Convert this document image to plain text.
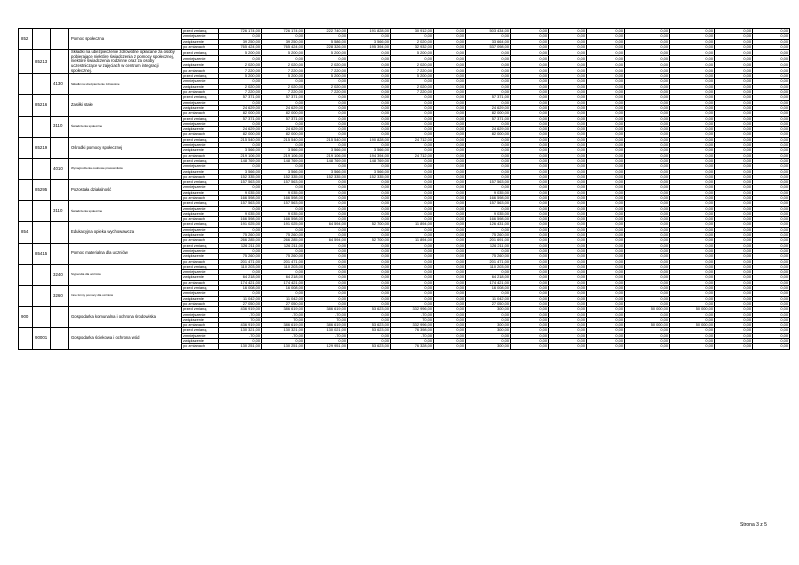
852			Pomoc społeczna	przed zmianą	726 174,00	726 174,00	222 740,00	191 828,00	30 912,00	0,00	503 434,00	0,00	0,00	0,00	0,00	0,00	0,00	0,00
				zmniejszenie	0,00	0,00	0,00	0,00	0,00	0,00	0,00	0,00	0,00	0,00	0,00	0,00	0,00	0,00
				zwiększenie	39 250,00	39 250,00	5 586,00	3 566,00	2 020,00	0,00	33 664,00	0,00	0,00	0,00	0,00	0,00	0,00	0,00
				po zmianach	765 424,00	765 424,00	228 326,00	195 394,00	32 932,00	0,00	537 098,00	0,00	0,00	0,00	0,00	0,00	0,00	0,00
	85213		Składki na ubezpieczenie zdrowotne opłacane za osoby pobierające niektóre świadczenia z pomocy społecznej, niektóre świadczenia rodzinne oraz za osoby uczestniczące w zajęciach w centrum integracji społecznej.	przed zmianą	5 200,00	5 200,00	5 200,00	0,00	5 200,00	0,00	0,00	0,00	0,00	0,00	0,00	0,00	0,00	0,00
				zmniejszenie	0,00	0,00	0,00	0,00	0,00	0,00	0,00	0,00	0,00	0,00	0,00	0,00	0,00	0,00
				zwiększenie	2 020,00	2 020,00	2 020,00	0,00	2 020,00	0,00	0,00	0,00	0,00	0,00	0,00	0,00	0,00	0,00
				po zmianach	7 220,00	7 220,00	7 220,00	0,00	7 220,00	0,00	0,00	0,00	0,00	0,00	0,00	0,00	0,00	0,00
		4130	Składki na ubezpieczenie zdrowotne	przed zmianą	5 200,00	5 200,00	5 200,00	0,00	5 200,00	0,00	0,00	0,00	0,00	0,00	0,00	0,00	0,00	0,00
				zmniejszenie	0,00	0,00	0,00	0,00	0,00	0,00	0,00	0,00	0,00	0,00	0,00	0,00	0,00	0,00
				zwiększenie	2 020,00	2 020,00	2 020,00	0,00	2 020,00	0,00	0,00	0,00	0,00	0,00	0,00	0,00	0,00	0,00
				po zmianach	7 220,00	7 220,00	7 220,00	0,00	7 220,00	0,00	0,00	0,00	0,00	0,00	0,00	0,00	0,00	0,00
	85216		Zasiłki stałe	przed zmianą	57 371,00	57 371,00	0,00	0,00	0,00	0,00	57 371,00	0,00	0,00	0,00	0,00	0,00	0,00	0,00
				zmniejszenie	0,00	0,00	0,00	0,00	0,00	0,00	0,00	0,00	0,00	0,00	0,00	0,00	0,00	0,00
				zwiększenie	24 629,00	24 629,00	0,00	0,00	0,00	0,00	24 629,00	0,00	0,00	0,00	0,00	0,00	0,00	0,00
				po zmianach	82 000,00	82 000,00	0,00	0,00	0,00	0,00	82 000,00	0,00	0,00	0,00	0,00	0,00	0,00	0,00
		3110	Świadczenia społeczne	przed zmianą	57 371,00	57 371,00	0,00	0,00	0,00	0,00	57 371,00	0,00	0,00	0,00	0,00	0,00	0,00	0,00
				zmniejszenie	0,00	0,00	0,00	0,00	0,00	0,00	0,00	0,00	0,00	0,00	0,00	0,00	0,00	0,00
				zwiększenie	24 629,00	24 629,00	0,00	0,00	0,00	0,00	24 629,00	0,00	0,00	0,00	0,00	0,00	0,00	0,00
				po zmianach	82 000,00	82 000,00	0,00	0,00	0,00	0,00	82 000,00	0,00	0,00	0,00	0,00	0,00	0,00	0,00
	85219		Ośrodki pomocy społecznej	przed zmianą	215 540,00	215 540,00	215 540,00	190 828,00	24 712,00	0,00	0,00	0,00	0,00	0,00	0,00	0,00	0,00	0,00
				zmniejszenie	0,00	0,00	0,00	0,00	0,00	0,00	0,00	0,00	0,00	0,00	0,00	0,00	0,00	0,00
				zwiększenie	3 566,00	3 566,00	3 566,00	3 566,00	0,00	0,00	0,00	0,00	0,00	0,00	0,00	0,00	0,00	0,00
				po zmianach	219 106,00	219 106,00	219 106,00	194 394,00	24 712,00	0,00	0,00	0,00	0,00	0,00	0,00	0,00	0,00	0,00
		4010	Wynagrodzenia osobowe pracowników	przed zmianą	148 769,00	148 769,00	148 769,00	148 769,00	0,00	0,00	0,00	0,00	0,00	0,00	0,00	0,00	0,00	0,00
				zmniejszenie	0,00	0,00	0,00	0,00	0,00	0,00	0,00	0,00	0,00	0,00	0,00	0,00	0,00	0,00
				zwiększenie	3 566,00	3 566,00	3 566,00	3 566,00	0,00	0,00	0,00	0,00	0,00	0,00	0,00	0,00	0,00	0,00
				po zmianach	152 335,00	152 335,00	152 335,00	152 335,00	0,00	0,00	0,00	0,00	0,00	0,00	0,00	0,00	0,00	0,00
	85295		Pozostała działalność	przed zmianą	157 563,00	157 563,00	0,00	0,00	0,00	0,00	157 563,00	0,00	0,00	0,00	0,00	0,00	0,00	0,00
				zmniejszenie	0,00	0,00	0,00	0,00	0,00	0,00	0,00	0,00	0,00	0,00	0,00	0,00	0,00	0,00
				zwiększenie	9 035,00	9 035,00	0,00	0,00	0,00	0,00	9 035,00	0,00	0,00	0,00	0,00	0,00	0,00	0,00
				po zmianach	166 598,00	166 598,00	0,00	0,00	0,00	0,00	166 598,00	0,00	0,00	0,00	0,00	0,00	0,00	0,00
		3110	Świadczenia społeczne	przed zmianą	157 563,00	157 563,00	0,00	0,00	0,00	0,00	157 563,00	0,00	0,00	0,00	0,00	0,00	0,00	0,00
				zmniejszenie	0,00	0,00	0,00	0,00	0,00	0,00	0,00	0,00	0,00	0,00	0,00	0,00	0,00	0,00
				zwiększenie	9 035,00	9 035,00	0,00	0,00	0,00	0,00	9 035,00	0,00	0,00	0,00	0,00	0,00	0,00	0,00
				po zmianach	166 598,00	166 598,00	0,00	0,00	0,00	0,00	166 598,00	0,00	0,00	0,00	0,00	0,00	0,00	0,00
854			Edukacyjna opieka wychowawcza	przed zmianą	191 025,00	191 025,00	64 594,00	52 700,00	11 894,00	0,00	126 431,00	0,00	0,00	0,00	0,00	0,00	0,00	0,00
				zmniejszenie	0,00	0,00	0,00	0,00	0,00	0,00	0,00	0,00	0,00	0,00	0,00	0,00	0,00	0,00
				zwiększenie	75 260,00	75 260,00	0,00	0,00	0,00	0,00	75 260,00	0,00	0,00	0,00	0,00	0,00	0,00	0,00
				po zmianach	266 285,00	266 285,00	64 594,00	52 700,00	11 894,00	0,00	201 691,00	0,00	0,00	0,00	0,00	0,00	0,00	0,00
	85415		Pomoc materialna dla uczniów	przed zmianą	126 211,00	126 211,00	0,00	0,00	0,00	0,00	126 211,00	0,00	0,00	0,00	0,00	0,00	0,00	0,00
				zmniejszenie	0,00	0,00	0,00	0,00	0,00	0,00	0,00	0,00	0,00	0,00	0,00	0,00	0,00	0,00
				zwiększenie	75 260,00	75 260,00	0,00	0,00	0,00	0,00	75 260,00	0,00	0,00	0,00	0,00	0,00	0,00	0,00
				po zmianach	201 471,00	201 471,00	0,00	0,00	0,00	0,00	201 471,00	0,00	0,00	0,00	0,00	0,00	0,00	0,00
		3240	Stypendia dla uczniów	przed zmianą	110 203,00	110 203,00	0,00	0,00	0,00	0,00	110 203,00	0,00	0,00	0,00	0,00	0,00	0,00	0,00
				zmniejszenie	0,00	0,00	0,00	0,00	0,00	0,00	0,00	0,00	0,00	0,00	0,00	0,00	0,00	0,00
				zwiększenie	64 218,00	64 218,00	0,00	0,00	0,00	0,00	64 218,00	0,00	0,00	0,00	0,00	0,00	0,00	0,00
				po zmianach	174 421,00	174 421,00	0,00	0,00	0,00	0,00	174 421,00	0,00	0,00	0,00	0,00	0,00	0,00	0,00
		3260	Inne formy pomocy dla uczniów	przed zmianą	16 008,00	16 008,00	0,00	0,00	0,00	0,00	16 008,00	0,00	0,00	0,00	0,00	0,00	0,00	0,00
				zmniejszenie	0,00	0,00	0,00	0,00	0,00	0,00	0,00	0,00	0,00	0,00	0,00	0,00	0,00	0,00
				zwiększenie	11 042,00	11 042,00	0,00	0,00	0,00	0,00	11 042,00	0,00	0,00	0,00	0,00	0,00	0,00	0,00
				po zmianach	27 050,00	27 050,00	0,00	0,00	0,00	0,00	27 050,00	0,00	0,00	0,00	0,00	0,00	0,00	0,00
900			Gospodarka komunalna i ochrona środowiska	przed zmianą	436 919,00	386 619,00	386 619,00	53 623,00	332 996,00	0,00	300,00	0,00	0,00	0,00	50 000,00	50 000,00	0,00	0,00
				zmniejszenie	-70,00	-70,00	-70,00	0,00	-70,00	0,00	0,00	0,00	0,00	0,00	0,00	0,00	0,00	0,00
				zwiększenie	70,00	70,00	70,00	0,00	70,00	0,00	0,00	0,00	0,00	0,00	0,00	0,00	0,00	0,00
				po zmianach	436 919,00	386 619,00	386 619,00	53 623,00	332 996,00	0,00	300,00	0,00	0,00	0,00	50 000,00	50 000,00	0,00	0,00
	90001		Gospodarka ściekowa i ochrona wód	przed zmianą	130 321,00	130 321,00	130 021,00	53 623,00	76 398,00	0,00	300,00	0,00	0,00	0,00	0,00	0,00	0,00	0,00
				zmniejszenie	-70,00	-70,00	-70,00	0,00	-70,00	0,00	0,00	0,00	0,00	0,00	0,00	0,00	0,00	0,00
				zwiększenie	0,00	0,00	0,00	0,00	0,00	0,00	0,00	0,00	0,00	0,00	0,00	0,00	0,00	0,00
				po zmianach	130 251,00	130 251,00	129 951,00	53 623,00	76 328,00	0,00	300,00	0,00	0,00	0,00	0,00	0,00	0,00	0,00
Strona 3 z 5
